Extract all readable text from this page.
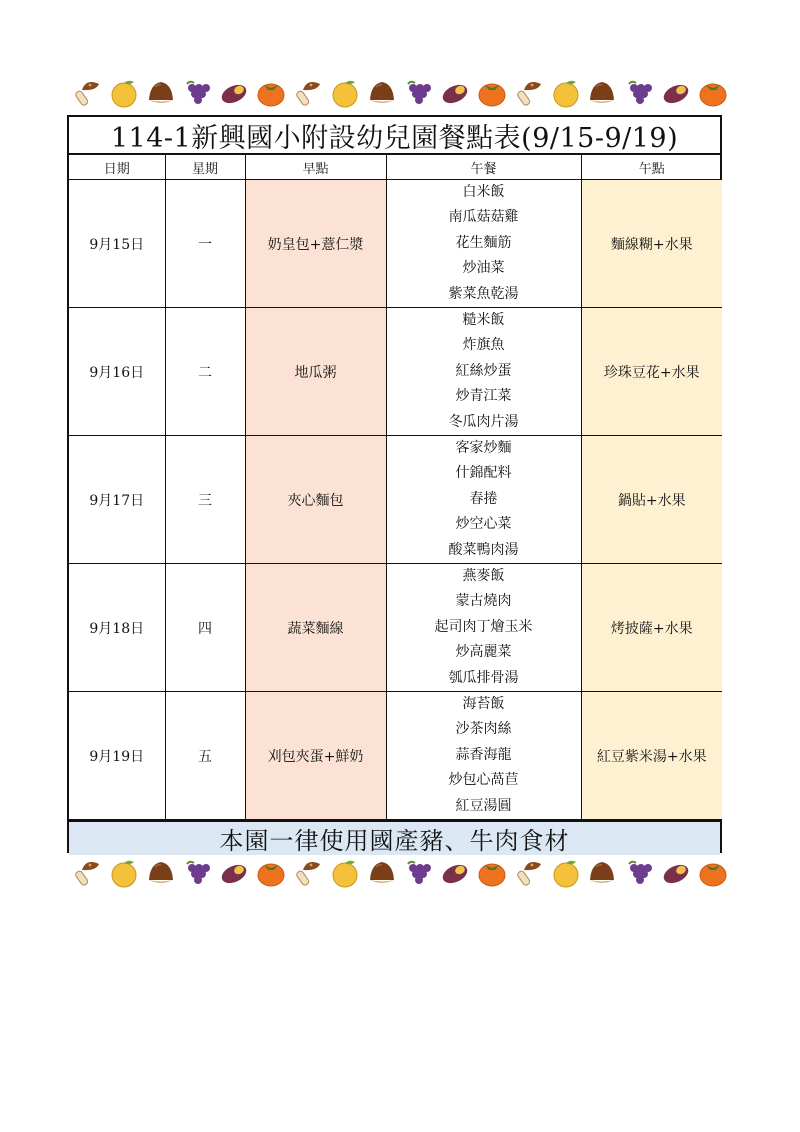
114-1新興國小附設幼兒園餐點表(9/15-9/19)
日期	星期	早點	午餐	午點
9月15日	一	奶皇包+薏仁漿	白米飯
南瓜菇菇雞
花生麵筋
炒油菜
紫菜魚乾湯	麵線糊+水果
9月16日	二	地瓜粥	糙米飯
炸旗魚
紅絲炒蛋
炒青江菜
冬瓜肉片湯	珍珠豆花+水果
9月17日	三	夾心麵包	客家炒麵
什錦配料
春捲
炒空心菜
酸菜鴨肉湯	鍋貼+水果
9月18日	四	蔬菜麵線	燕麥飯
蒙古燒肉
起司肉丁燴玉米
炒高麗菜
瓠瓜排骨湯	烤披薩+水果
9月19日	五	刈包夾蛋+鮮奶	海苔飯
沙茶肉絲
蒜香海龍
炒包心萵苣
紅豆湯圓	紅豆紫米湯+水果
本園一律使用國產豬、牛肉食材
